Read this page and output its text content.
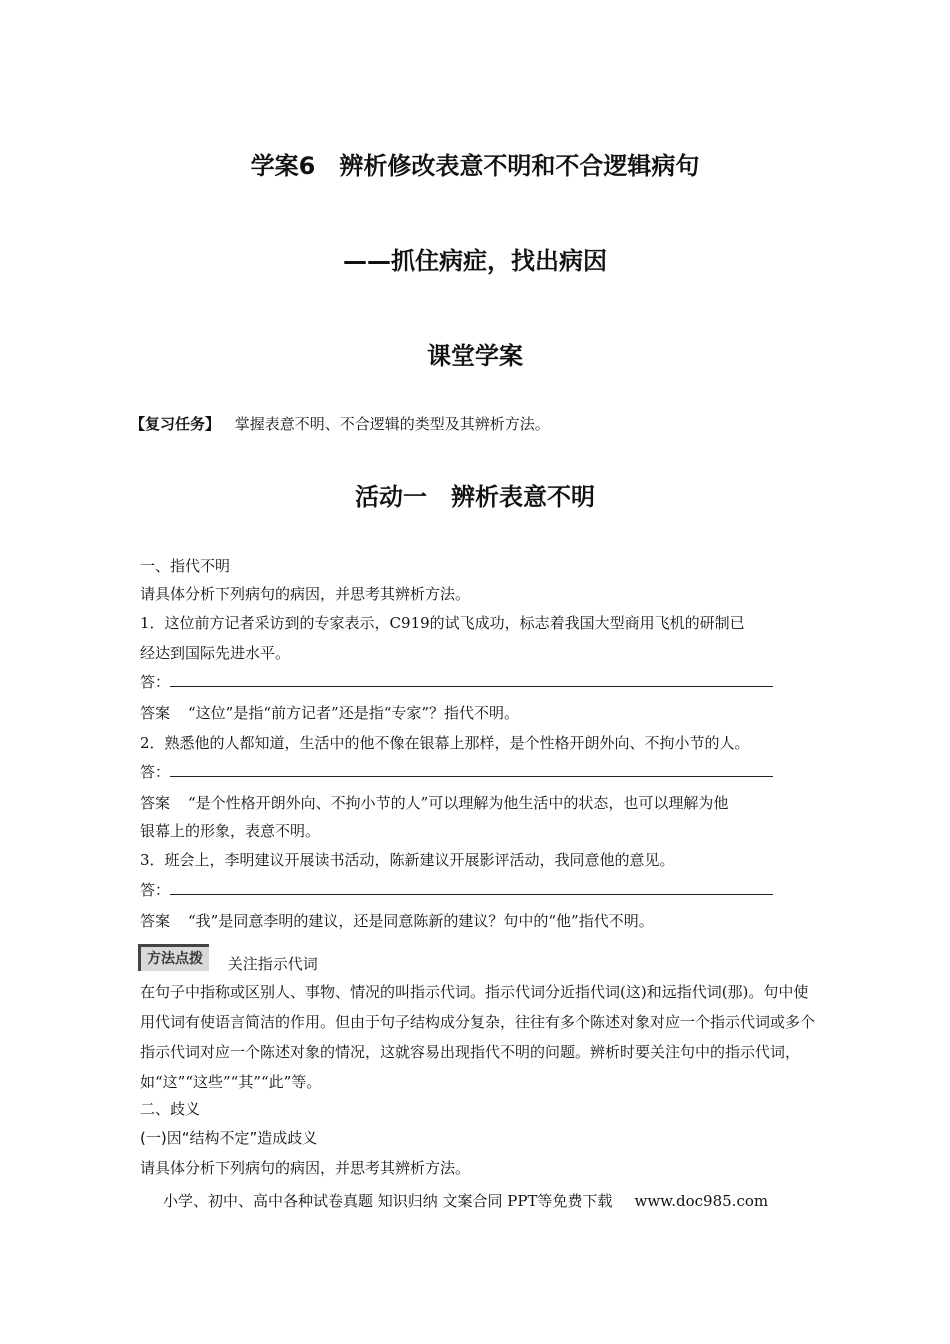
学案6　辨析修改表意不明和不合逻辑病句
——抓住病症，找出病因
课堂学案
【复习任务】 掌握表意不明、不合逻辑的类型及其辨析方法。
活动一　辨析表意不明
一、指代不明
请具体分析下列病句的病因，并思考其辨析方法。
1．这位前方记者采访到的专家表示，C919的试飞成功，标志着我国大型商用飞机的研制已
经达到国际先进水平。
答：
答案 “这位”是指“前方记者”还是指“专家”？指代不明。
2．熟悉他的人都知道，生活中的他不像在银幕上那样，是个性格开朗外向、不拘小节的人。
答：
答案 “是个性格开朗外向、不拘小节的人”可以理解为他生活中的状态，也可以理解为他
银幕上的形象，表意不明。
3．班会上，李明建议开展读书活动，陈新建议开展影评活动，我同意他的意见。
答：
答案 “我”是同意李明的建议，还是同意陈新的建议？句中的“他”指代不明。
方法点拨 关注指示代词
在句子中指称或区别人、事物、情况的叫指示代词。指示代词分近指代词(这)和远指代词(那)。句中使用代词有使语言简洁的作用。但由于句子结构成分复杂，往往有多个陈述对象对应一个指示代词或多个指示代词对应一个陈述对象的情况，这就容易出现指代不明的问题。辨析时要关注句中的指示代词，如“这”“这些”“其”“此”等。
二、歧义
(一)因“结构不定”造成歧义
请具体分析下列病句的病因，并思考其辨析方法。
小学、初中、高中各种试卷真题 知识归纳 文案合同 PPT等免费下载 www.doc985.com
